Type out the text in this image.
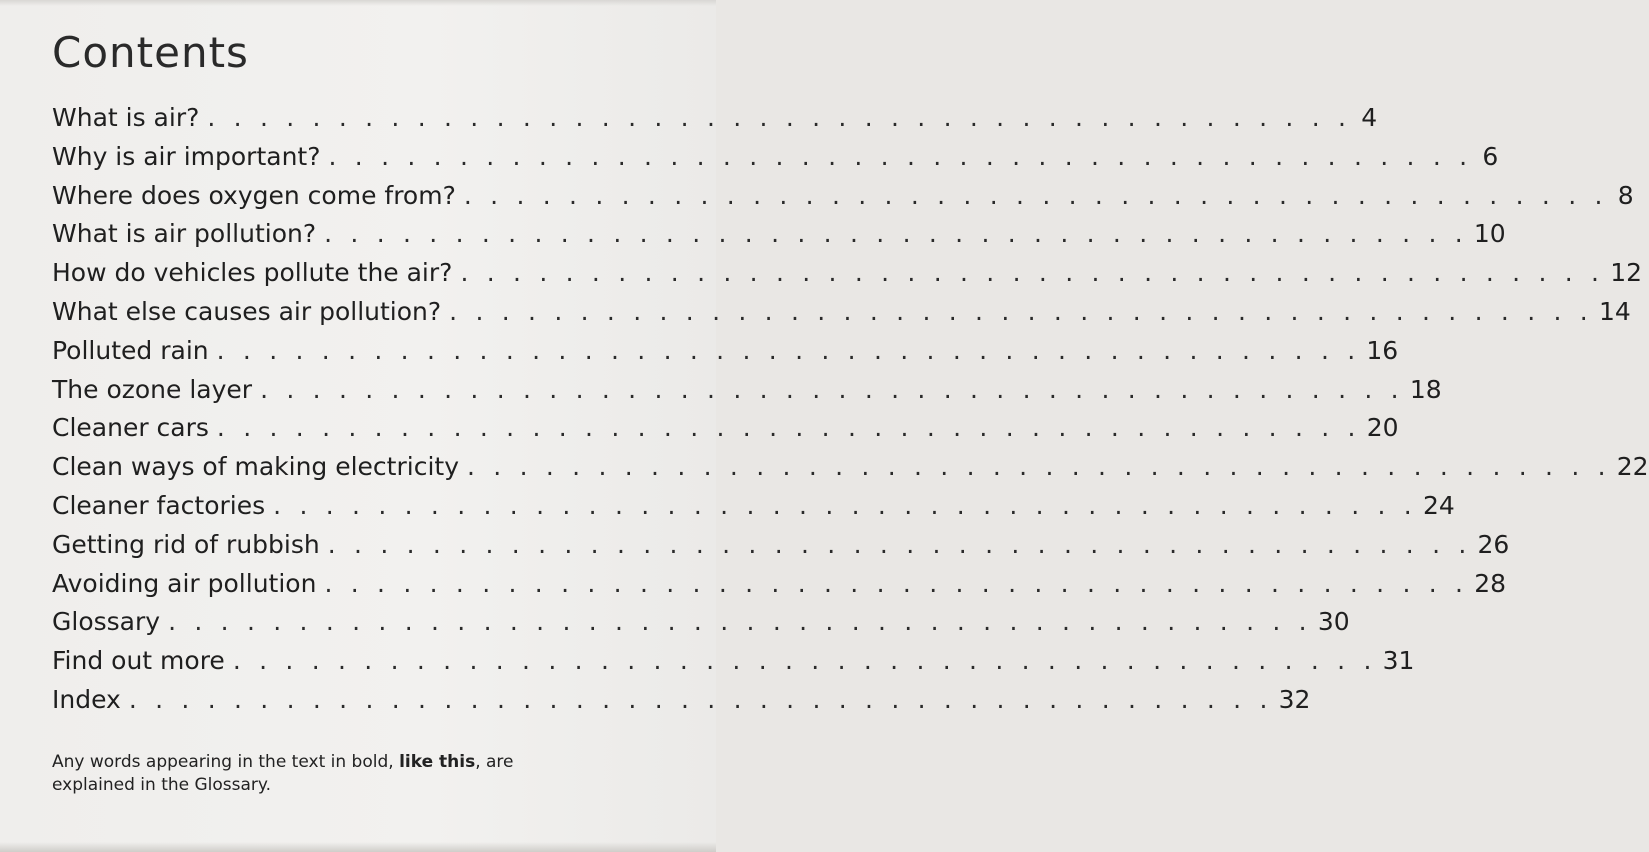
Contents
What is air? . . . . . . . . . . . . . . . . . . . . . . . . . . . . . . . . . . . . . . . . . . . . 4
Why is air important? . . . . . . . . . . . . . . . . . . . . . . . . . . . . . . . . . . . . . . . . . . . . 6
Where does oxygen come from? . . . . . . . . . . . . . . . . . . . . . . . . . . . . . . . . . . . . . . . . . . . . 8
What is air pollution? . . . . . . . . . . . . . . . . . . . . . . . . . . . . . . . . . . . . . . . . . . . . 10
How do vehicles pollute the air? . . . . . . . . . . . . . . . . . . . . . . . . . . . . . . . . . . . . . . . . . . . . 12
What else causes air pollution? . . . . . . . . . . . . . . . . . . . . . . . . . . . . . . . . . . . . . . . . . . . . 14
Polluted rain . . . . . . . . . . . . . . . . . . . . . . . . . . . . . . . . . . . . . . . . . . . . 16
The ozone layer . . . . . . . . . . . . . . . . . . . . . . . . . . . . . . . . . . . . . . . . . . . . 18
Cleaner cars . . . . . . . . . . . . . . . . . . . . . . . . . . . . . . . . . . . . . . . . . . . . 20
Clean ways of making electricity . . . . . . . . . . . . . . . . . . . . . . . . . . . . . . . . . . . . . . . . . . . . 22
Cleaner factories . . . . . . . . . . . . . . . . . . . . . . . . . . . . . . . . . . . . . . . . . . . . 24
Getting rid of rubbish . . . . . . . . . . . . . . . . . . . . . . . . . . . . . . . . . . . . . . . . . . . . 26
Avoiding air pollution . . . . . . . . . . . . . . . . . . . . . . . . . . . . . . . . . . . . . . . . . . . . 28
Glossary . . . . . . . . . . . . . . . . . . . . . . . . . . . . . . . . . . . . . . . . . . . . 30
Find out more . . . . . . . . . . . . . . . . . . . . . . . . . . . . . . . . . . . . . . . . . . . . 31
Index . . . . . . . . . . . . . . . . . . . . . . . . . . . . . . . . . . . . . . . . . . . . 32

Any words appearing in the text in bold, like this, are explained in the Glossary.
